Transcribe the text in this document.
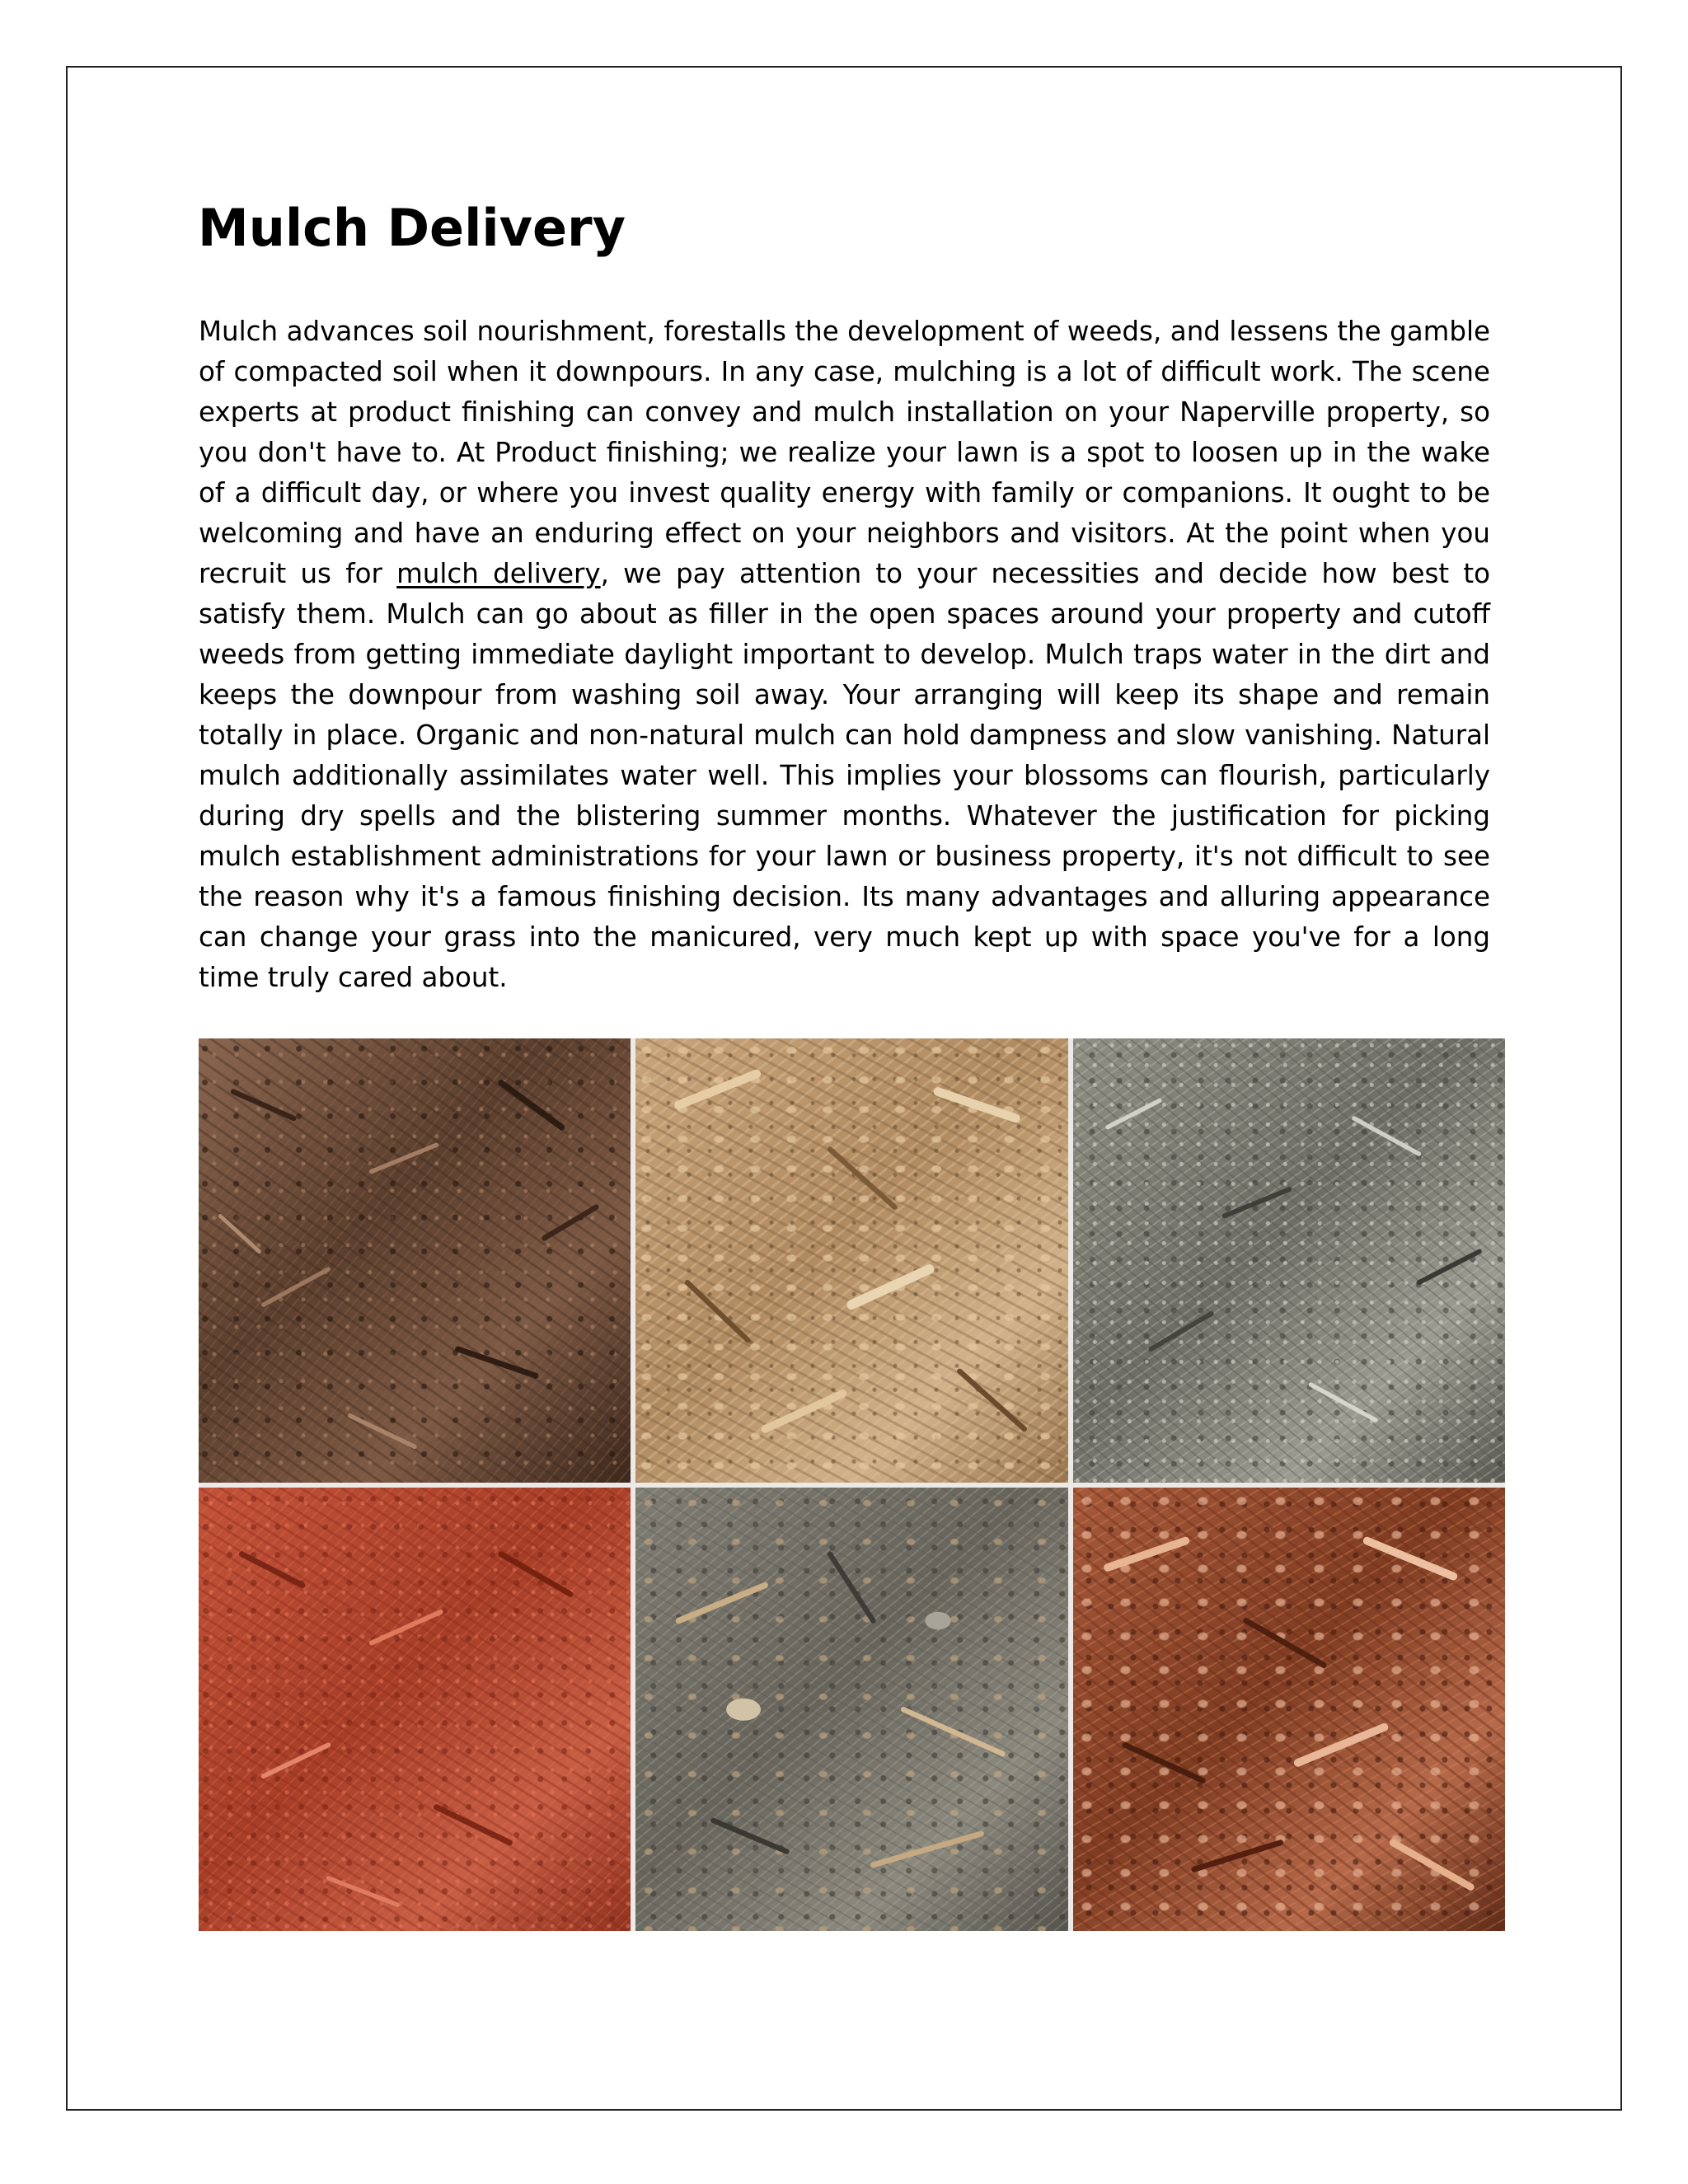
Mulch Delivery

Mulch advances soil nourishment, forestalls the development of weeds, and lessens the gamble of compacted soil when it downpours. In any case, mulching is a lot of difficult work. The scene experts at product finishing can convey and mulch installation on your Naperville property, so you don't have to. At Product finishing; we realize your lawn is a spot to loosen up in the wake of a difficult day, or where you invest quality energy with family or companions. It ought to be welcoming and have an enduring effect on your neighbors and visitors. At the point when you recruit us for mulch delivery, we pay attention to your necessities and decide how best to satisfy them. Mulch can go about as filler in the open spaces around your property and cutoff weeds from getting immediate daylight important to develop. Mulch traps water in the dirt and keeps the downpour from washing soil away. Your arranging will keep its shape and remain totally in place. Organic and non-natural mulch can hold dampness and slow vanishing. Natural mulch additionally assimilates water well. This implies your blossoms can flourish, particularly during dry spells and the blistering summer months. Whatever the justification for picking mulch establishment administrations for your lawn or business property, it's not difficult to see the reason why it's a famous finishing decision. Its many advantages and alluring appearance can change your grass into the manicured, very much kept up with space you've for a long time truly cared about.
